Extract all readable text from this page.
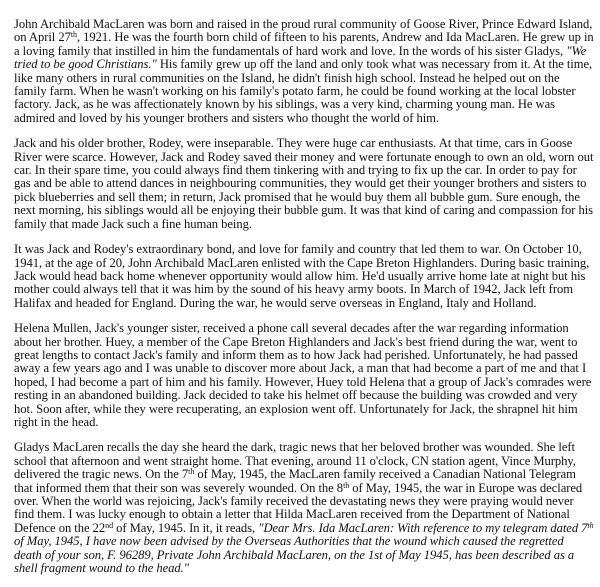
John Archibald MacLaren was born and raised in the proud rural community of Goose River, Prince Edward Island, on April 27th, 1921. He was the fourth born child of fifteen to his parents, Andrew and Ida MacLaren. He grew up in a loving family that instilled in him the fundamentals of hard work and love. In the words of his sister Gladys, "We tried to be good Christians." His family grew up off the land and only took what was necessary from it. At the time, like many others in rural communities on the Island, he didn't finish high school. Instead he helped out on the family farm. When he wasn't working on his family's potato farm, he could be found working at the local lobster factory. Jack, as he was affectionately known by his siblings, was a very kind, charming young man. He was admired and loved by his younger brothers and sisters who thought the world of him.

Jack and his older brother, Rodey, were inseparable. They were huge car enthusiasts. At that time, cars in Goose River were scarce. However, Jack and Rodey saved their money and were fortunate enough to own an old, worn out car. In their spare time, you could always find them tinkering with and trying to fix up the car. In order to pay for gas and be able to attend dances in neighbouring communities, they would get their younger brothers and sisters to pick blueberries and sell them; in return, Jack promised that he would buy them all bubble gum. Sure enough, the next morning, his siblings would all be enjoying their bubble gum. It was that kind of caring and compassion for his family that made Jack such a fine human being.

It was Jack and Rodey's extraordinary bond, and love for family and country that led them to war. On October 10, 1941, at the age of 20, John Archibald MacLaren enlisted with the Cape Breton Highlanders. During basic training, Jack would head back home whenever opportunity would allow him. He'd usually arrive home late at night but his mother could always tell that it was him by the sound of his heavy army boots. In March of 1942, Jack left from Halifax and headed for England. During the war, he would serve overseas in England, Italy and Holland.

Helena Mullen, Jack's younger sister, received a phone call several decades after the war regarding information about her brother. Huey, a member of the Cape Breton Highlanders and Jack's best friend during the war, went to great lengths to contact Jack's family and inform them as to how Jack had perished. Unfortunately, he had passed away a few years ago and I was unable to discover more about Jack, a man that had become a part of me and that I hoped, I had become a part of him and his family. However, Huey told Helena that a group of Jack's comrades were resting in an abandoned building. Jack decided to take his helmet off because the building was crowded and very hot. Soon after, while they were recuperating, an explosion went off. Unfortunately for Jack, the shrapnel hit him right in the head.

Gladys MacLaren recalls the day she heard the dark, tragic news that her beloved brother was wounded. She left school that afternoon and went straight home. That evening, around 11 o'clock, CN station agent, Vince Murphy, delivered the tragic news. On the 7th of May, 1945, the MacLaren family received a Canadian National Telegram that informed them that their son was severely wounded. On the 8th of May, 1945, the war in Europe was declared over. When the world was rejoicing, Jack's family received the devastating news they were praying would never find them. I was lucky enough to obtain a letter that Hilda MacLaren received from the Department of National Defence on the 22nd of May, 1945. In it, it reads, "Dear Mrs. Ida MacLaren: With reference to my telegram dated 7th of May, 1945, I have now been advised by the Overseas Authorities that the wound which caused the regretted death of your son, F. 96289, Private John Archibald MacLaren, on the 1st of May 1945, has been described as a shell fragment wound to the head."
